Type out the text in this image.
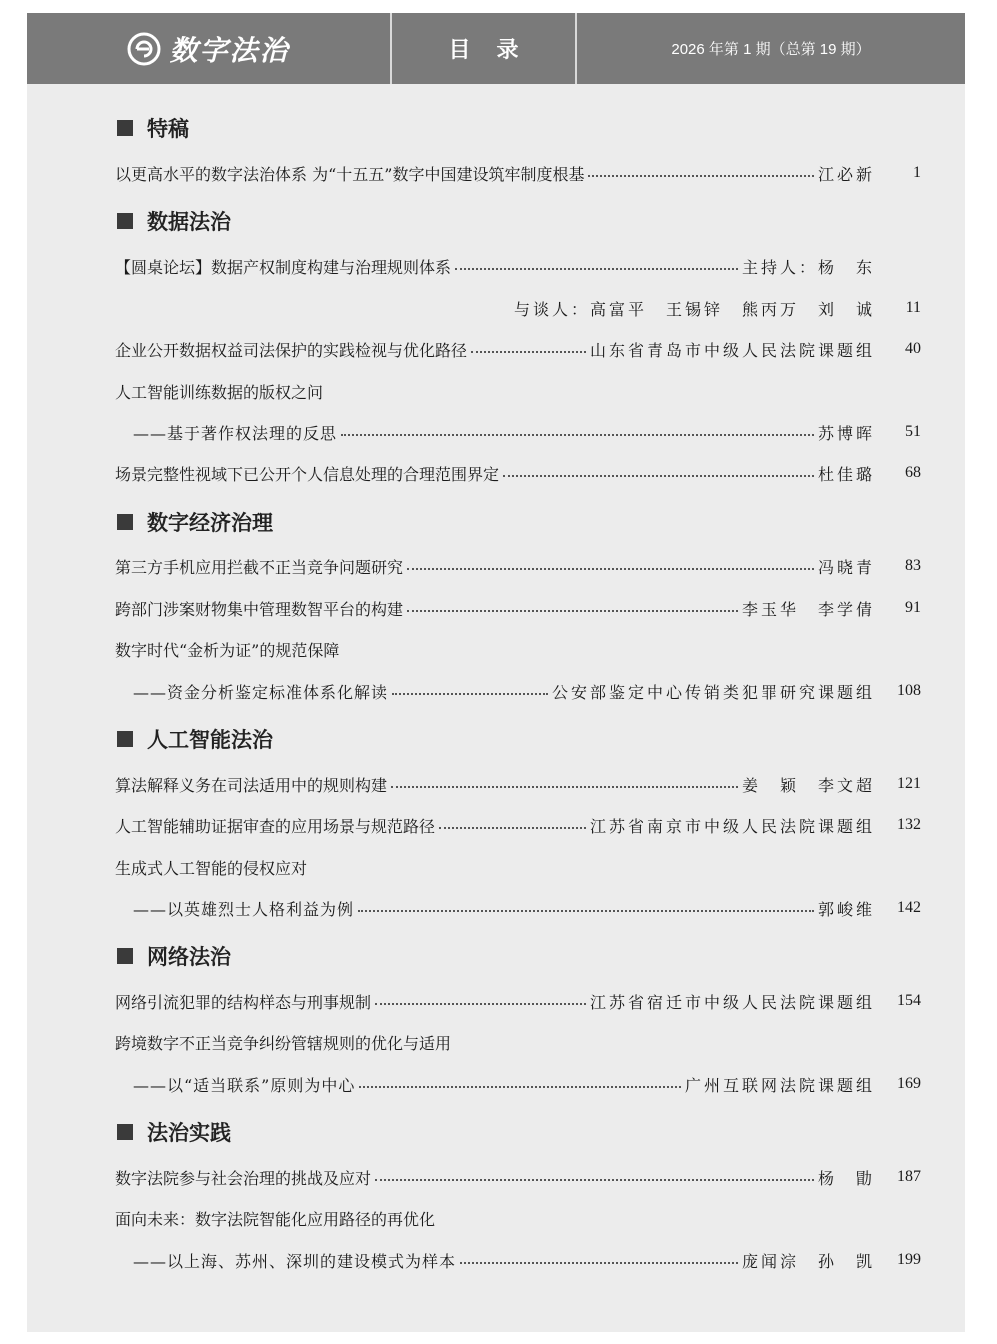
数字法治	目录	2026 年第 1 期（总第 19 期）
特稿
以更高水平的数字法治体系 为“十五五”数字中国建设筑牢制度根基	江必新	1
数据法治
【圆桌论坛】数据产权制度构建与治理规则体系	主持人：杨　东
与谈人：高富平　王锡锌　熊丙万　刘　诚	11
企业公开数据权益司法保护的实践检视与优化路径	山东省青岛市中级人民法院课题组	40
人工智能训练数据的版权之问
——基于著作权法理的反思	苏博晖	51
场景完整性视域下已公开个人信息处理的合理范围界定	杜佳璐	68
数字经济治理
第三方手机应用拦截不正当竞争问题研究	冯晓青	83
跨部门涉案财物集中管理数智平台的构建	李玉华　李学倩	91
数字时代“金析为证”的规范保障
——资金分析鉴定标准体系化解读	公安部鉴定中心传销类犯罪研究课题组	108
人工智能法治
算法解释义务在司法适用中的规则构建	姜　颖　李文超	121
人工智能辅助证据审查的应用场景与规范路径	江苏省南京市中级人民法院课题组	132
生成式人工智能的侵权应对
——以英雄烈士人格利益为例	郭峻维	142
网络法治
网络引流犯罪的结构样态与刑事规制	江苏省宿迁市中级人民法院课题组	154
跨境数字不正当竞争纠纷管辖规则的优化与适用
——以“适当联系”原则为中心	广州互联网法院课题组	169
法治实践
数字法院参与社会治理的挑战及应对	杨　勖	187
面向未来：数字法院智能化应用路径的再优化
——以上海、苏州、深圳的建设模式为样本	庞闻淙　孙　凯	199
